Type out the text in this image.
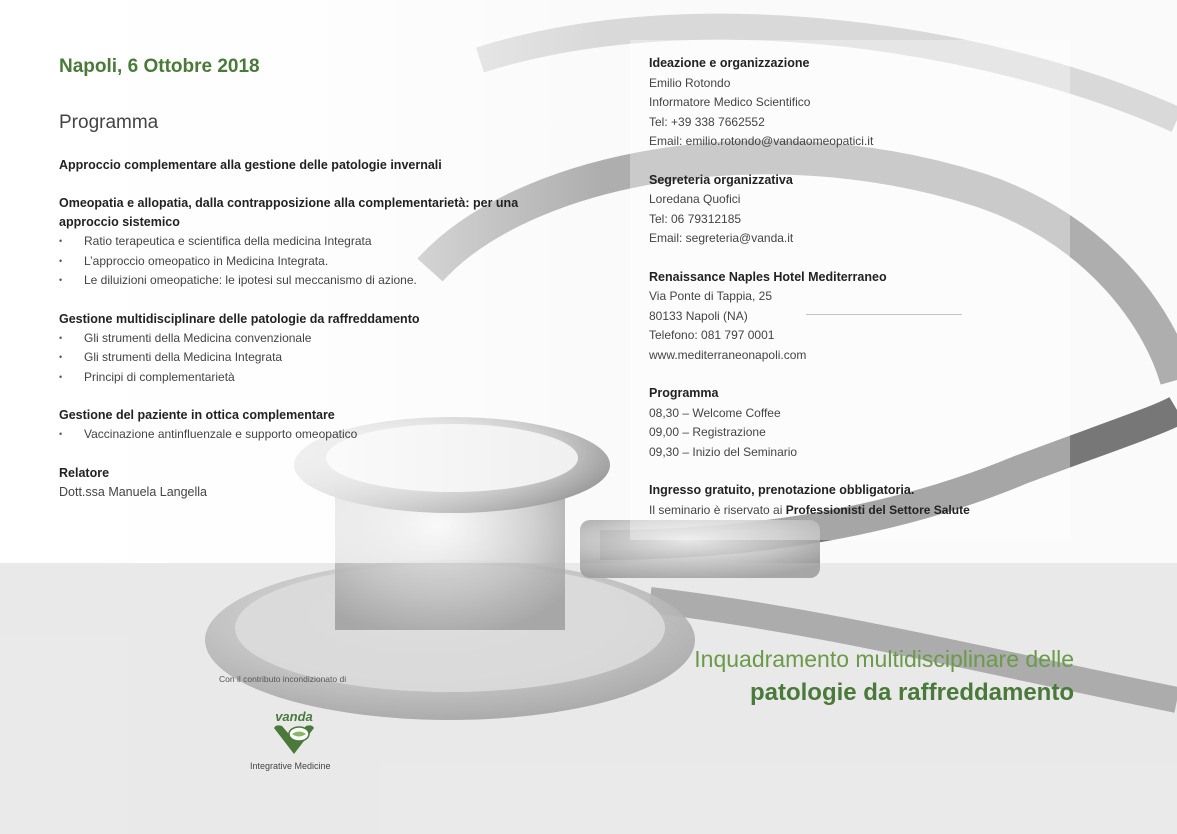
Napoli, 6 Ottobre 2018
Programma

Approccio complementare alla gestione delle patologie invernali

Omeopatia e allopatia, dalla contrapposizione alla complementarietà: per una approccio sistemico

• Ratio terapeutica e scientifica della medicina Integrata
• L’approccio omeopatico in Medicina Integrata.
• Le diluizioni omeopatiche: le ipotesi sul meccanismo di azione.

Gestione multidisciplinare delle patologie da raffreddamento

• Gli strumenti della Medicina convenzionale
• Gli strumenti della Medicina Integrata
• Principi di complementarietà

Gestione del paziente in ottica complementare

• Vaccinazione antinfluenzale e supporto omeopatico

Relatore

Dott.ssa Manuela Langella

Ideazione e organizzazione
Emilio Rotondo
Informatore Medico Scientifico
Tel: +39 338 7662552
Email: emilio.rotondo@vandaomeopatici.it
Segreteria organizzativa
Loredana Quofici
Tel: 06 79312185
Email: segreteria@vanda.it
Renaissance Naples Hotel Mediterraneo
Via Ponte di Tappia, 25
80133 Napoli (NA)
Telefono: 081 797 0001
www.mediterraneonapoli.com
Programma
08,30 – Welcome Coffee
09,00 – Registrazione
09,30 – Inizio del Seminario
Ingresso gratuito, prenotazione obbligatoria.
Il seminario è riservato ai Professionisti del Settore Salute
Con il contributo incondizionato di
vanda
Integrative Medicine

Inquadramento multidisciplinare delle

patologie da raffreddamento
